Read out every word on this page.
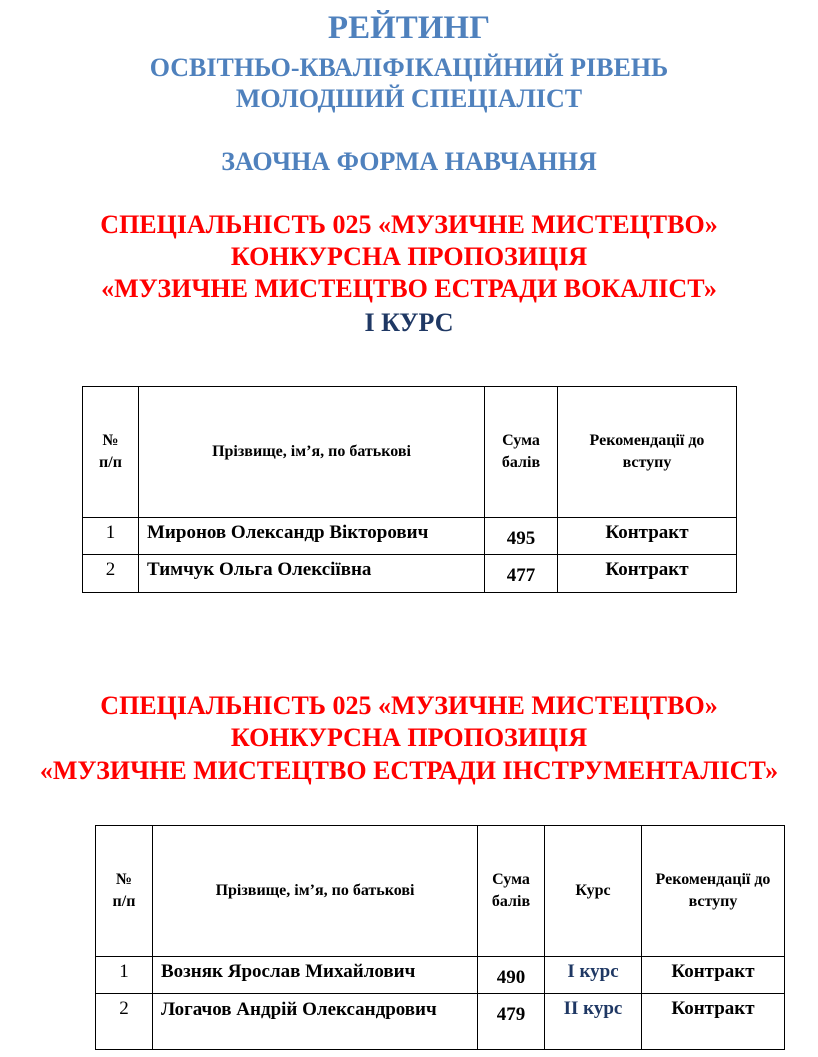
РЕЙТИНГ
ОСВІТНЬО-КВАЛІФІКАЦІЙНИЙ РІВЕНЬ
МОЛОДШИЙ СПЕЦІАЛІСТ
ЗАОЧНА ФОРМА НАВЧАННЯ
СПЕЦІАЛЬНІСТЬ 025 «МУЗИЧНЕ МИСТЕЦТВО»
КОНКУРСНА ПРОПОЗИЦІЯ
«МУЗИЧНЕ МИСТЕЦТВО ЕСТРАДИ ВОКАЛІСТ»
І КУРС
№ п/п	Прізвище, ім’я, по батькові	Сума балів	Рекомендації до вступу
1	Миронов Олександр Вікторович	495	Контракт
2	Тимчук Ольга Олексіївна	477	Контракт
СПЕЦІАЛЬНІСТЬ 025 «МУЗИЧНЕ МИСТЕЦТВО»
КОНКУРСНА ПРОПОЗИЦІЯ
«МУЗИЧНЕ МИСТЕЦТВО ЕСТРАДИ ІНСТРУМЕНТАЛІСТ»
№ п/п	Прізвище, ім’я, по батькові	Сума балів	Курс	Рекомендації до вступу
1	Возняк Ярослав Михайлович	490	І курс	Контракт
2	Логачов Андрій Олександрович	479	ІІ курс	Контракт
